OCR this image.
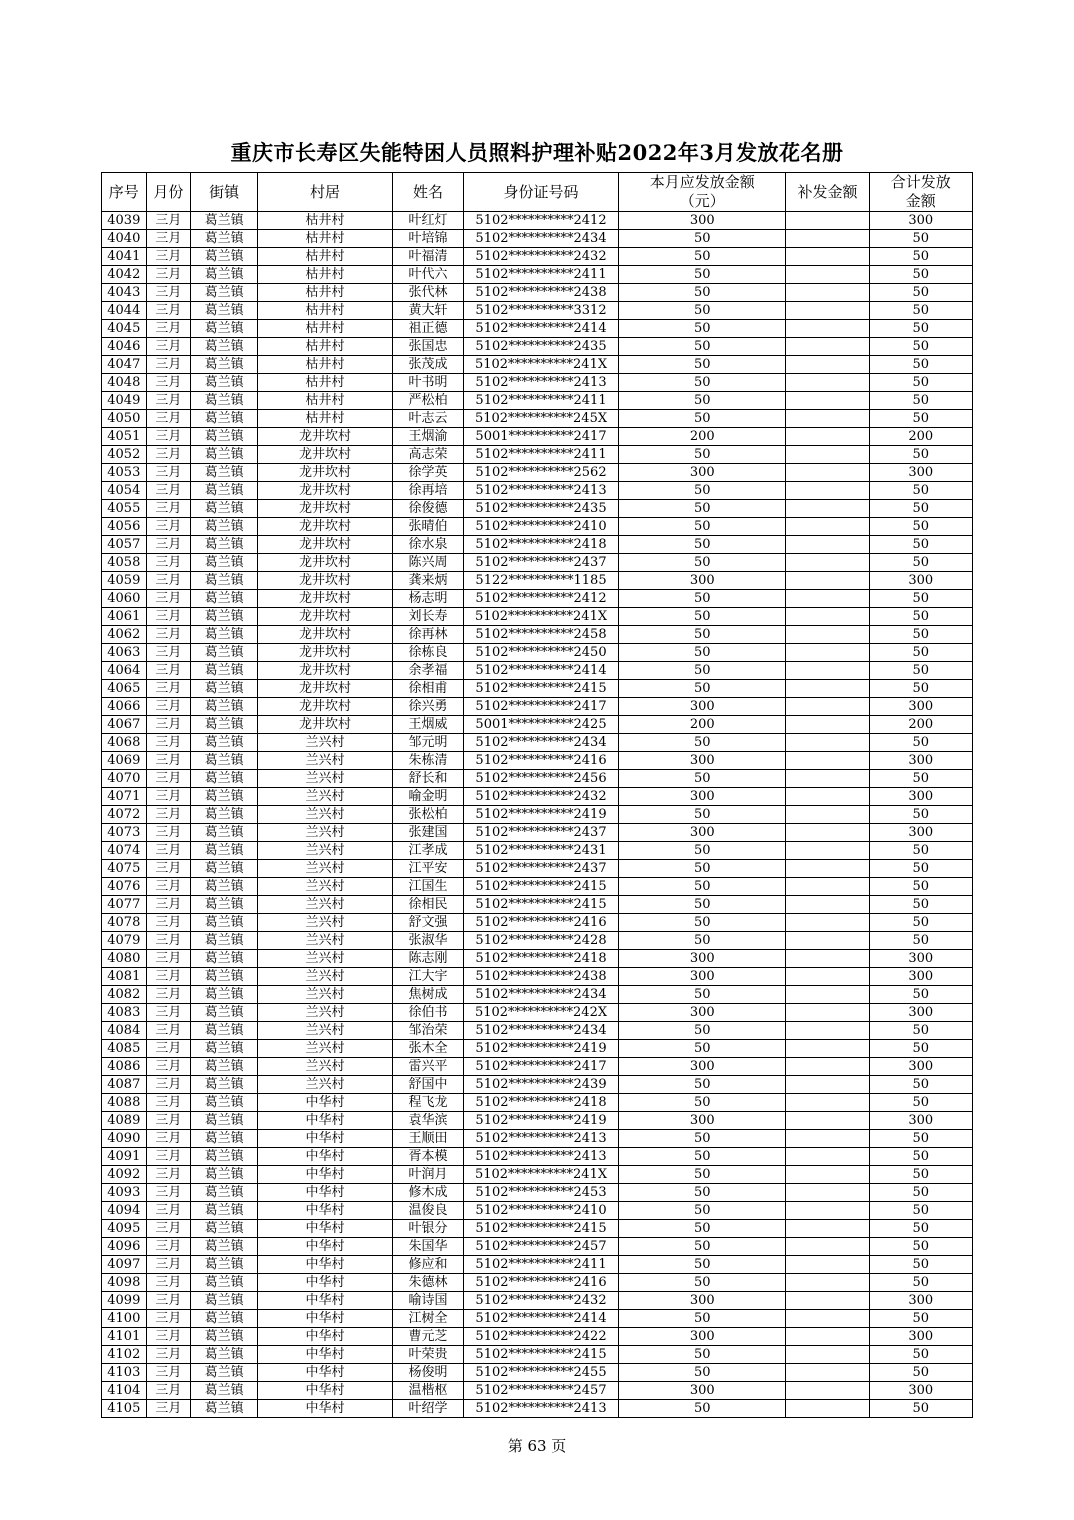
重庆市长寿区失能特困人员照料护理补贴2022年3月发放花名册
序号	月份	街镇	村居	姓名	身份证号码	本月应发放金额
（元）	补发金额	合计发放
金额
4039	三月	葛兰镇	枯井村	叶红灯	5102**********2412	300		300
4040	三月	葛兰镇	枯井村	叶培锦	5102**********2434	50		50
4041	三月	葛兰镇	枯井村	叶福清	5102**********2432	50		50
4042	三月	葛兰镇	枯井村	叶代六	5102**********2411	50		50
4043	三月	葛兰镇	枯井村	张代林	5102**********2438	50		50
4044	三月	葛兰镇	枯井村	黄大轩	5102**********3312	50		50
4045	三月	葛兰镇	枯井村	祖正德	5102**********2414	50		50
4046	三月	葛兰镇	枯井村	张国忠	5102**********2435	50		50
4047	三月	葛兰镇	枯井村	张茂成	5102**********241X	50		50
4048	三月	葛兰镇	枯井村	叶书明	5102**********2413	50		50
4049	三月	葛兰镇	枯井村	严松柏	5102**********2411	50		50
4050	三月	葛兰镇	枯井村	叶志云	5102**********245X	50		50
4051	三月	葛兰镇	龙井坎村	王烟渝	5001**********2417	200		200
4052	三月	葛兰镇	龙井坎村	高志荣	5102**********2411	50		50
4053	三月	葛兰镇	龙井坎村	徐学英	5102**********2562	300		300
4054	三月	葛兰镇	龙井坎村	徐再培	5102**********2413	50		50
4055	三月	葛兰镇	龙井坎村	徐俊德	5102**********2435	50		50
4056	三月	葛兰镇	龙井坎村	张晴伯	5102**********2410	50		50
4057	三月	葛兰镇	龙井坎村	徐水泉	5102**********2418	50		50
4058	三月	葛兰镇	龙井坎村	陈兴周	5102**********2437	50		50
4059	三月	葛兰镇	龙井坎村	龚来炳	5122**********1185	300		300
4060	三月	葛兰镇	龙井坎村	杨志明	5102**********2412	50		50
4061	三月	葛兰镇	龙井坎村	刘长寿	5102**********241X	50		50
4062	三月	葛兰镇	龙井坎村	徐再林	5102**********2458	50		50
4063	三月	葛兰镇	龙井坎村	徐栋良	5102**********2450	50		50
4064	三月	葛兰镇	龙井坎村	余孝福	5102**********2414	50		50
4065	三月	葛兰镇	龙井坎村	徐相甫	5102**********2415	50		50
4066	三月	葛兰镇	龙井坎村	徐兴勇	5102**********2417	300		300
4067	三月	葛兰镇	龙井坎村	王烟威	5001**********2425	200		200
4068	三月	葛兰镇	兰兴村	邹元明	5102**********2434	50		50
4069	三月	葛兰镇	兰兴村	朱栋清	5102**********2416	300		300
4070	三月	葛兰镇	兰兴村	舒长和	5102**********2456	50		50
4071	三月	葛兰镇	兰兴村	喻金明	5102**********2432	300		300
4072	三月	葛兰镇	兰兴村	张松柏	5102**********2419	50		50
4073	三月	葛兰镇	兰兴村	张建国	5102**********2437	300		300
4074	三月	葛兰镇	兰兴村	江孝成	5102**********2431	50		50
4075	三月	葛兰镇	兰兴村	江平安	5102**********2437	50		50
4076	三月	葛兰镇	兰兴村	江国生	5102**********2415	50		50
4077	三月	葛兰镇	兰兴村	徐相民	5102**********2415	50		50
4078	三月	葛兰镇	兰兴村	舒文强	5102**********2416	50		50
4079	三月	葛兰镇	兰兴村	张淑华	5102**********2428	50		50
4080	三月	葛兰镇	兰兴村	陈志刚	5102**********2418	300		300
4081	三月	葛兰镇	兰兴村	江大宇	5102**********2438	300		300
4082	三月	葛兰镇	兰兴村	焦树成	5102**********2434	50		50
4083	三月	葛兰镇	兰兴村	徐伯书	5102**********242X	300		300
4084	三月	葛兰镇	兰兴村	邹治荣	5102**********2434	50		50
4085	三月	葛兰镇	兰兴村	张木全	5102**********2419	50		50
4086	三月	葛兰镇	兰兴村	雷兴平	5102**********2417	300		300
4087	三月	葛兰镇	兰兴村	舒国中	5102**********2439	50		50
4088	三月	葛兰镇	中华村	程飞龙	5102**********2418	50		50
4089	三月	葛兰镇	中华村	袁华滨	5102**********2419	300		300
4090	三月	葛兰镇	中华村	王顺田	5102**********2413	50		50
4091	三月	葛兰镇	中华村	胥本模	5102**********2413	50		50
4092	三月	葛兰镇	中华村	叶润月	5102**********241X	50		50
4093	三月	葛兰镇	中华村	修木成	5102**********2453	50		50
4094	三月	葛兰镇	中华村	温俊良	5102**********2410	50		50
4095	三月	葛兰镇	中华村	叶银分	5102**********2415	50		50
4096	三月	葛兰镇	中华村	朱国华	5102**********2457	50		50
4097	三月	葛兰镇	中华村	修应和	5102**********2411	50		50
4098	三月	葛兰镇	中华村	朱德林	5102**********2416	50		50
4099	三月	葛兰镇	中华村	喻诗国	5102**********2432	300		300
4100	三月	葛兰镇	中华村	江树全	5102**********2414	50		50
4101	三月	葛兰镇	中华村	曹元芝	5102**********2422	300		300
4102	三月	葛兰镇	中华村	叶荣贵	5102**********2415	50		50
4103	三月	葛兰镇	中华村	杨俊明	5102**********2455	50		50
4104	三月	葛兰镇	中华村	温楷枢	5102**********2457	300		300
4105	三月	葛兰镇	中华村	叶绍学	5102**********2413	50		50
第 63 页
